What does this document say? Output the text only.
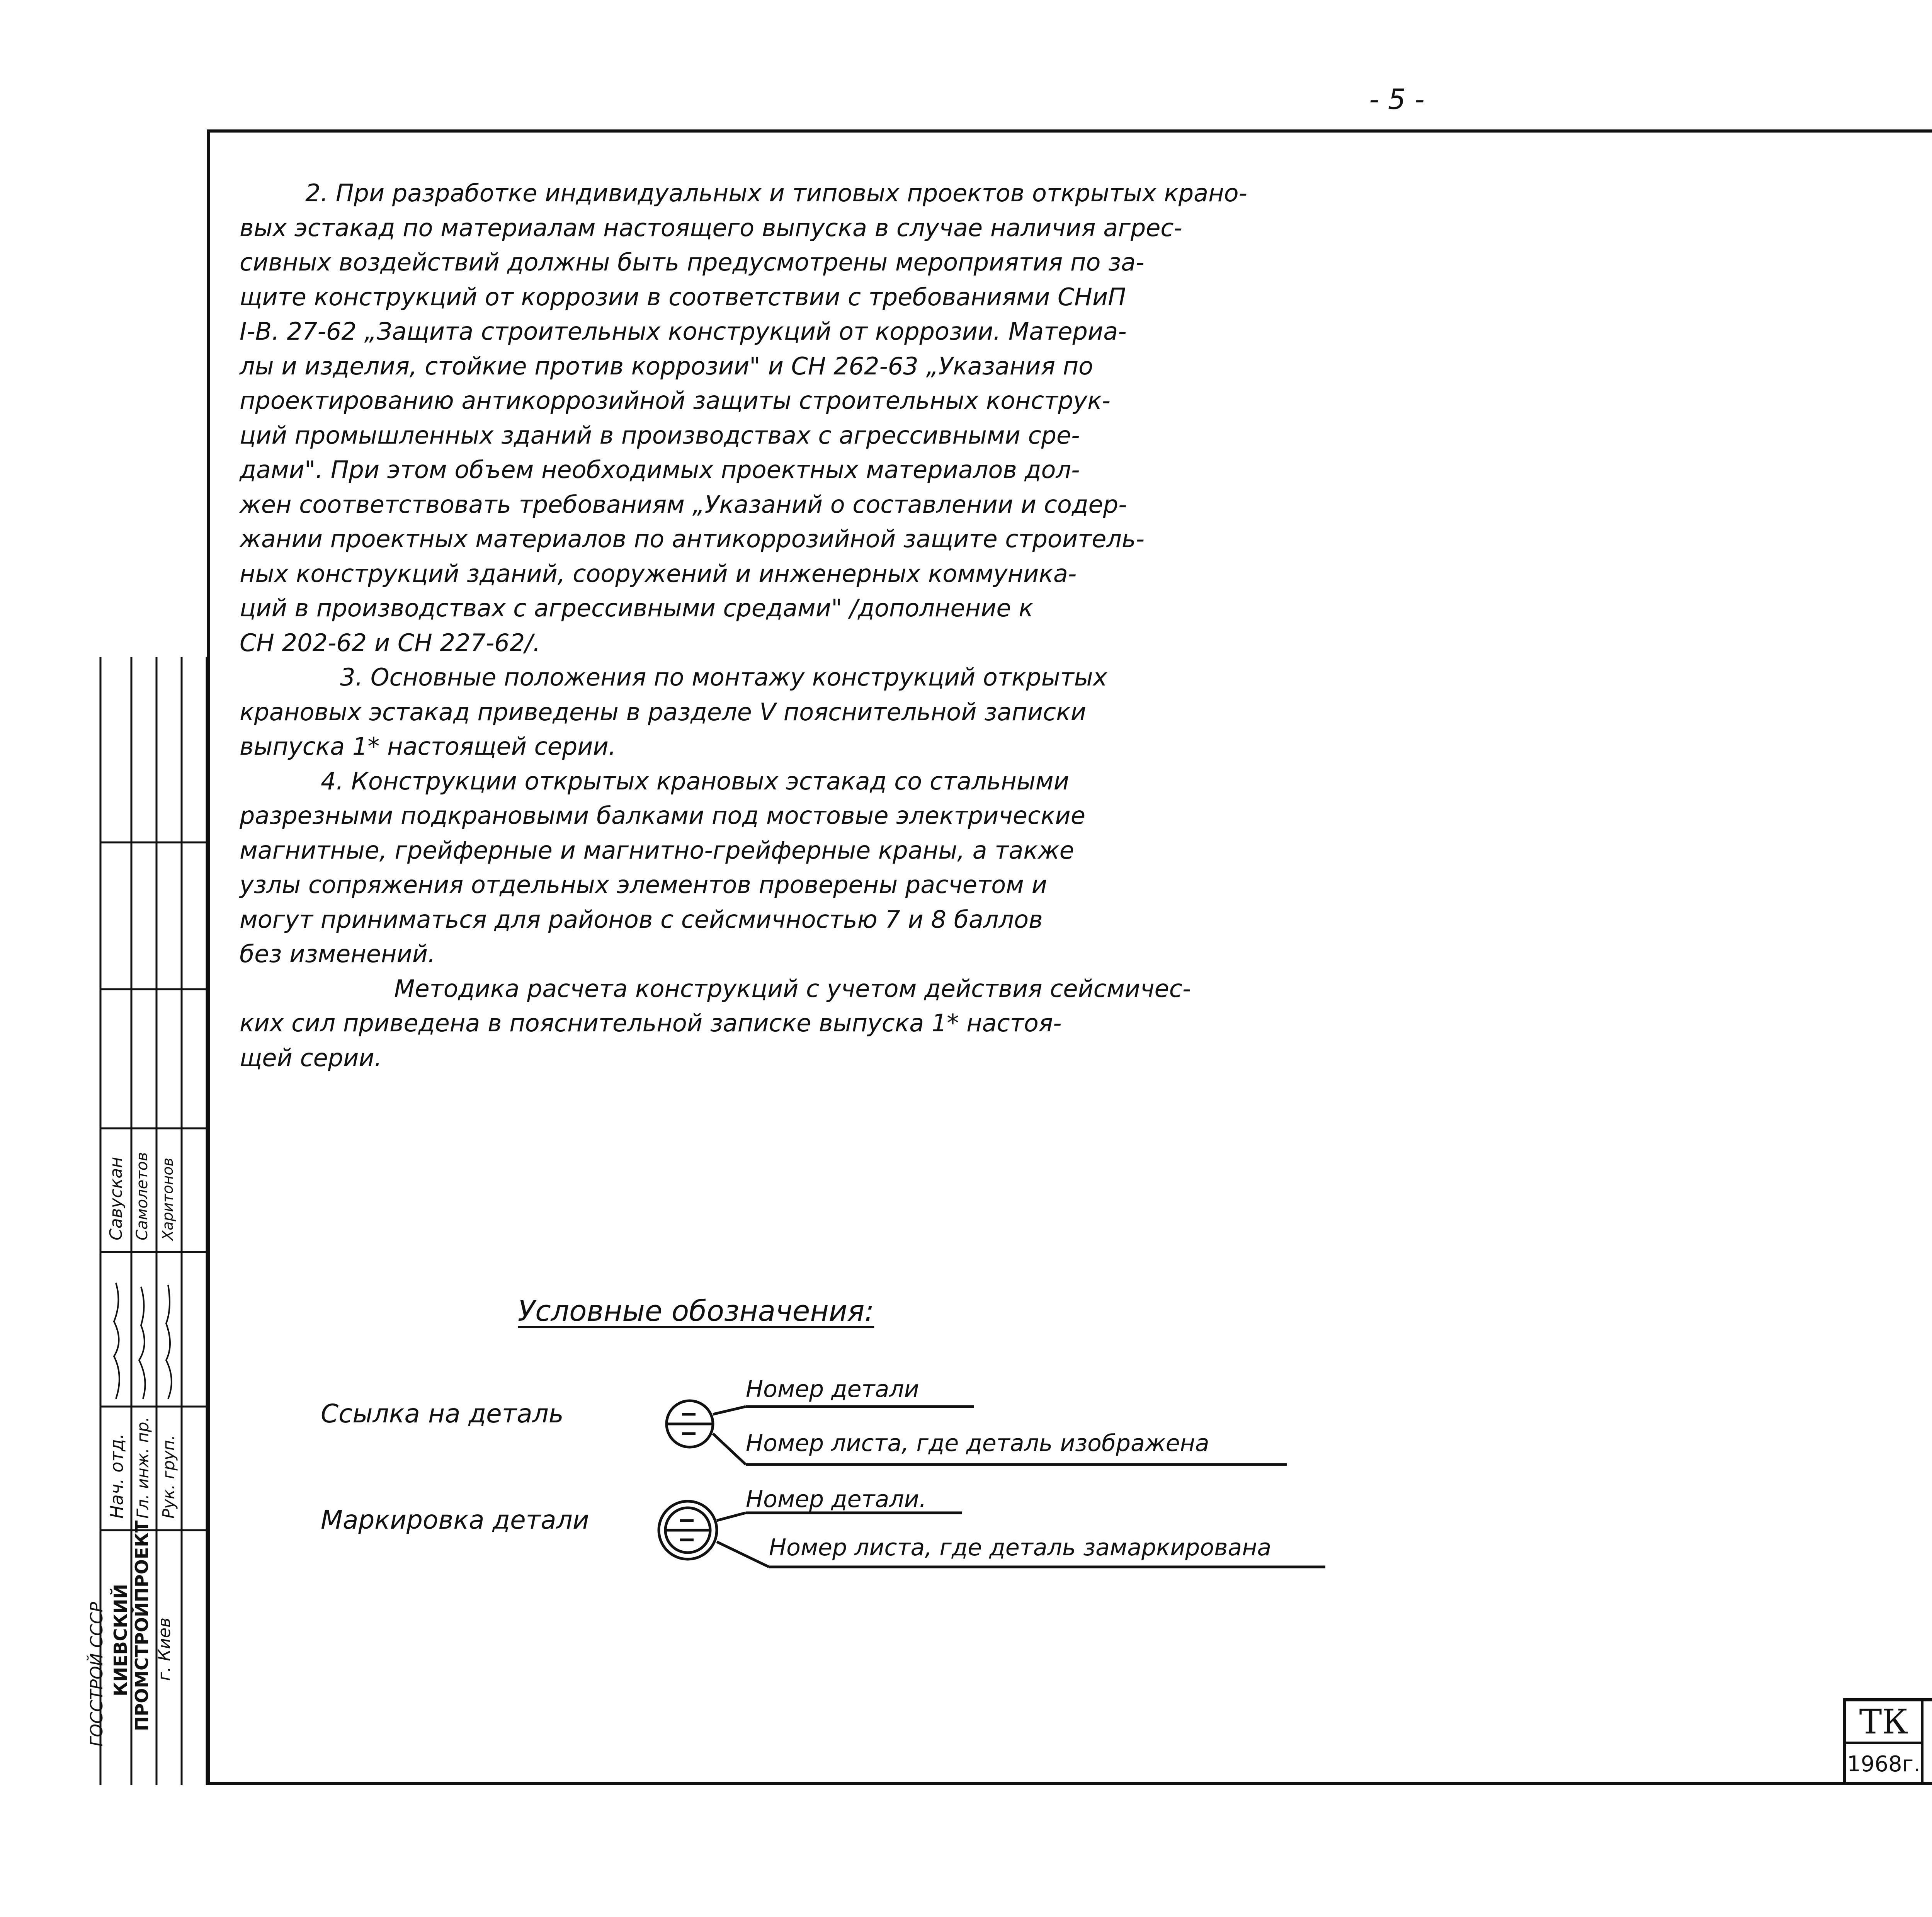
- 5 -

2. При разработке индивидуальных и типовых проектов открытых крано-

вых эстакад по материалам настоящего выпуска в случае наличия агрес-

сивных воздействий должны быть предусмотрены мероприятия по за-

щите конструкций от коррозии в соответствии с требованиями СНиП

I-В. 27-62 „Защита строительных конструкций от коррозии. Материа-

лы и изделия, стойкие против коррозии" и СН 262-63 „Указания по

проектированию антикоррозийной защиты строительных конструк-

ций промышленных зданий в производствах с агрессивными сре-

дами". При этом объем необходимых проектных материалов дол-

жен соответствовать требованиям „Указаний о составлении и содер-

жании проектных материалов по антикоррозийной защите строитель-

ных конструкций зданий, сооружений и инженерных коммуника-

ций в производствах с агрессивными средами" /дополнение к

СН 202-62 и СН 227-62/.

3. Основные положения по монтажу конструкций открытых

крановых эстакад приведены в разделе V пояснительной записки

выпуска 1* настоящей серии.

4. Конструкции открытых крановых эстакад со стальными

разрезными подкрановыми балками под мостовые электрические

магнитные, грейферные и магнитно-грейферные краны, а также

узлы сопряжения отдельных элементов проверены расчетом и

могут приниматься для районов с сейсмичностью 7 и 8 баллов

без изменений.

Методика расчета конструкций с учетом действия сейсмичес-

ких сил приведена в пояснительной записке выпуска 1* настоя-

щей серии.

Условные обозначения:
Ссылка на деталь
Номер детали
Номер листа, где деталь изображена
Маркировка детали
Номер детали.
Номер листа, где деталь замаркирована
ТК
1968г.
ГОССТРОЙ СССР КИЕВСКИЙ ПРОМСТРОЙПРОЕКТ г. Киев
Нач. отд. Гл. инж. пр. Рук. груп.
Савускан Самолетов Харитонов
